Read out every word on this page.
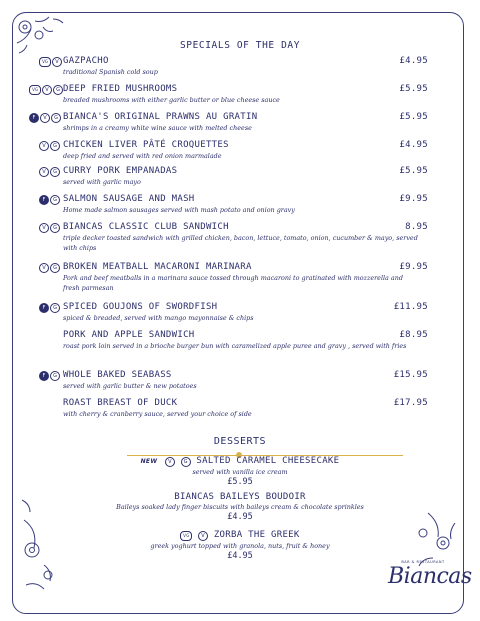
SPECIALS OF THE DAY
VG	V GAZPACHO	£4.95
traditional Spanish cold soup
VG	V	G DEEP FRIED MUSHROOMS	£5.95
breaded mushrooms with either garlic butter or blue cheese sauce
F	V	G BIANCA'S ORIGINAL PRAWNS AU GRATIN	£5.95
shrimps in a creamy white wine sauce with melted cheese
V	G CHICKEN LIVER PÂTÉ CROQUETTES	£4.95
deep fried and served with red onion marmalade
V	G CURRY PORK EMPANADAS	£5.95
served with garlic mayo
F	G SALMON SAUSAGE AND MASH	£9.95
Home made salmon sausages served with mash potato and onion gravy
V	G BIANCAS CLASSIC CLUB SANDWICH	8.95
triple decker toasted sandwich with grilled chicken, bacon, lettuce, tomato, onion, cucumber & mayo, served with chips
V	G BROKEN MEATBALL MACARONI MARINARA	£9.95
Pork and beef meatballs in a marinara sauce tossed through macaroni to gratinated with mozzerella and fresh parmesan
F	G SPICED GOUJONS OF SWORDFISH	£11.95
spiced & breaded, served with mango mayonnaise & chips
PORK AND APPLE SANDWICH	£8.95
roast pork loin served in a brioche burger bun with caramelized apple puree and gravy , served with fries
F	G WHOLE BAKED SEABASS	£15.95
served with garlic butter & new potatoes
ROAST BREAST OF DUCK	£17.95
with cherry & cranberry sauce, served your choice of side
DESSERTS
NEW V G SALTED CARAMEL CHEESECAKE
served with vanilla ice cream
£5.95
BIANCAS BAILEYS BOUDOIR
Baileys soaked lady finger biscuits with baileys cream & chocolate sprinkles
£4.95
VG V ZORBA THE GREEK
greek yoghurt topped with granola, nuts, fruit & honey
£4.95
BAR & RESTAURANT
Biancas
